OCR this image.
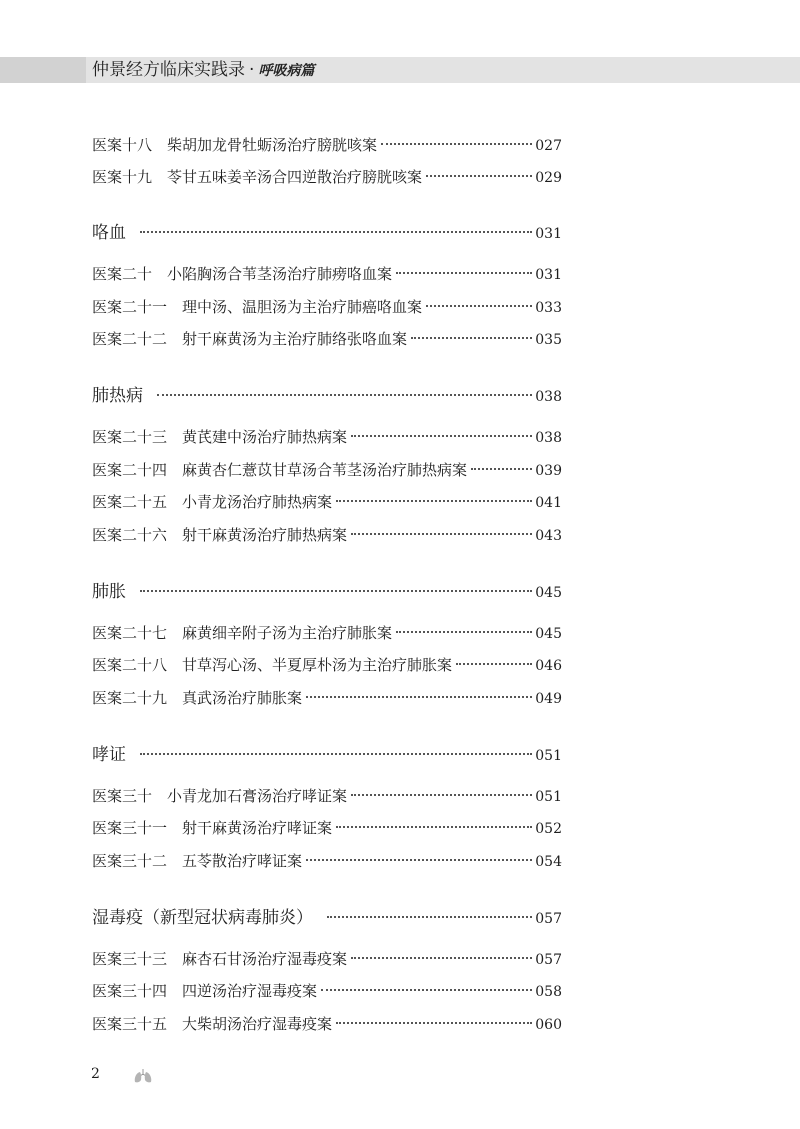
仲景经方临床实践录 · 呼吸病篇
医案十八 柴胡加龙骨牡蛎汤治疗膀胱咳案	027
医案十九 苓甘五味姜辛汤合四逆散治疗膀胱咳案	029
咯血	031
医案二十 小陷胸汤合苇茎汤治疗肺痨咯血案	031
医案二十一 理中汤、温胆汤为主治疗肺癌咯血案	033
医案二十二 射干麻黄汤为主治疗肺络张咯血案	035
肺热病	038
医案二十三 黄芪建中汤治疗肺热病案	038
医案二十四 麻黄杏仁薏苡甘草汤合苇茎汤治疗肺热病案	039
医案二十五 小青龙汤治疗肺热病案	041
医案二十六 射干麻黄汤治疗肺热病案	043
肺胀	045
医案二十七 麻黄细辛附子汤为主治疗肺胀案	045
医案二十八 甘草泻心汤、半夏厚朴汤为主治疗肺胀案	046
医案二十九 真武汤治疗肺胀案	049
哮证	051
医案三十 小青龙加石膏汤治疗哮证案	051
医案三十一 射干麻黄汤治疗哮证案	052
医案三十二 五苓散治疗哮证案	054
湿毒疫（新型冠状病毒肺炎）	057
医案三十三 麻杏石甘汤治疗湿毒疫案	057
医案三十四 四逆汤治疗湿毒疫案	058
医案三十五 大柴胡汤治疗湿毒疫案	060
2
